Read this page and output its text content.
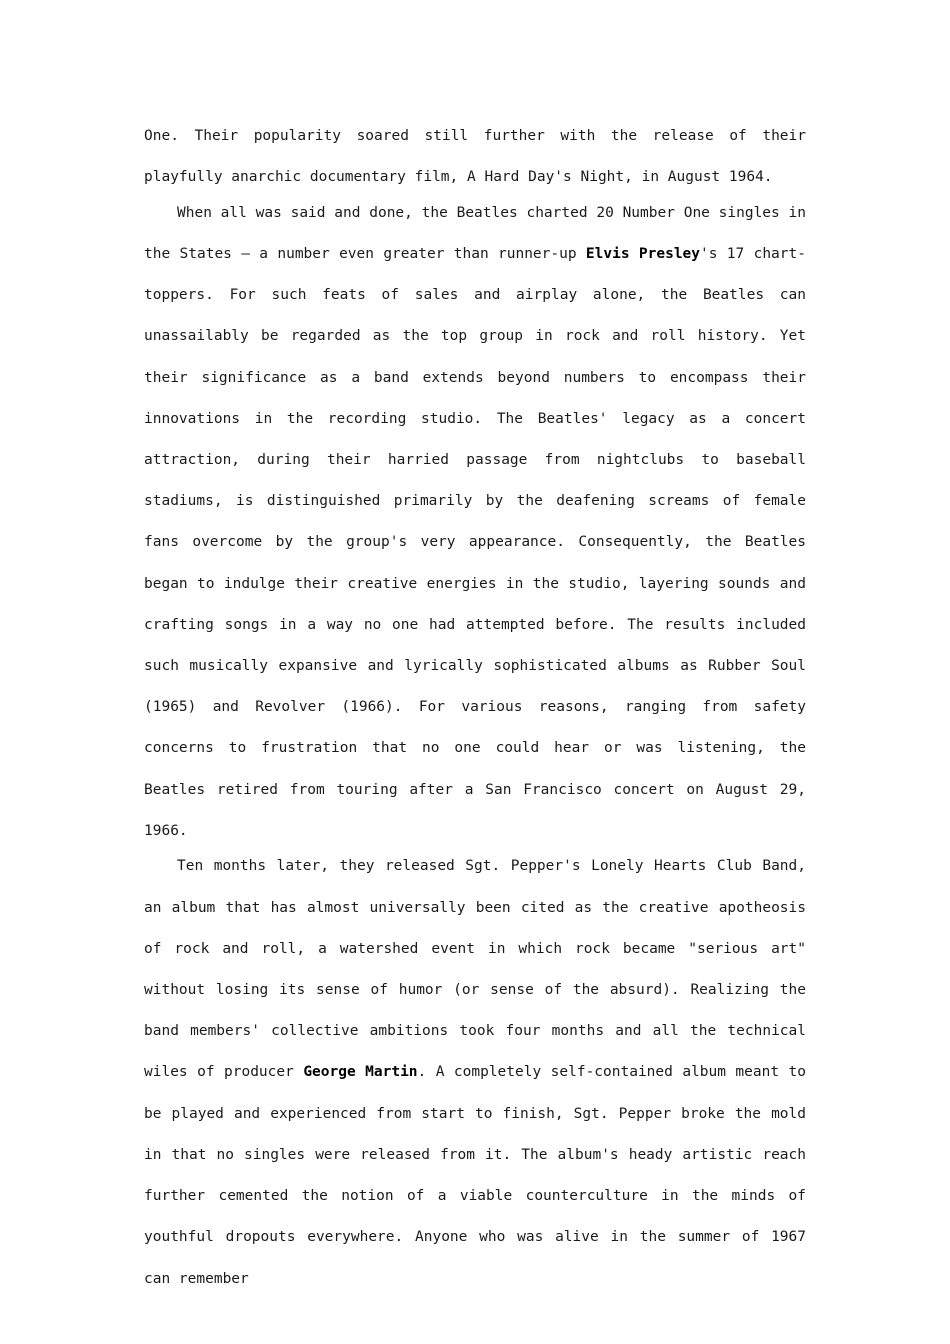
One. Their popularity soared still further with the release of their playfully anarchic documentary film, A Hard Day's Night, in August 1964.

When all was said and done, the Beatles charted 20 Number One singles in the States – a number even greater than runner-up Elvis Presley's 17 chart-toppers. For such feats of sales and airplay alone, the Beatles can unassailably be regarded as the top group in rock and roll history. Yet their significance as a band extends beyond numbers to encompass their innovations in the recording studio. The Beatles' legacy as a concert attraction, during their harried passage from nightclubs to baseball stadiums, is distinguished primarily by the deafening screams of female fans overcome by the group's very appearance. Consequently, the Beatles began to indulge their creative energies in the studio, layering sounds and crafting songs in a way no one had attempted before. The results included such musically expansive and lyrically sophisticated albums as Rubber Soul (1965) and Revolver (1966). For various reasons, ranging from safety concerns to frustration that no one could hear or was listening, the Beatles retired from touring after a San Francisco concert on August 29, 1966.

Ten months later, they released Sgt. Pepper's Lonely Hearts Club Band, an album that has almost universally been cited as the creative apotheosis of rock and roll, a watershed event in which rock became "serious art" without losing its sense of humor (or sense of the absurd). Realizing the band members' collective ambitions took four months and all the technical wiles of producer George Martin. A completely self-contained album meant to be played and experienced from start to finish, Sgt. Pepper broke the mold in that no singles were released from it. The album's heady artistic reach further cemented the notion of a viable counterculture in the minds of youthful dropouts everywhere. Anyone who was alive in the summer of 1967 can remember
